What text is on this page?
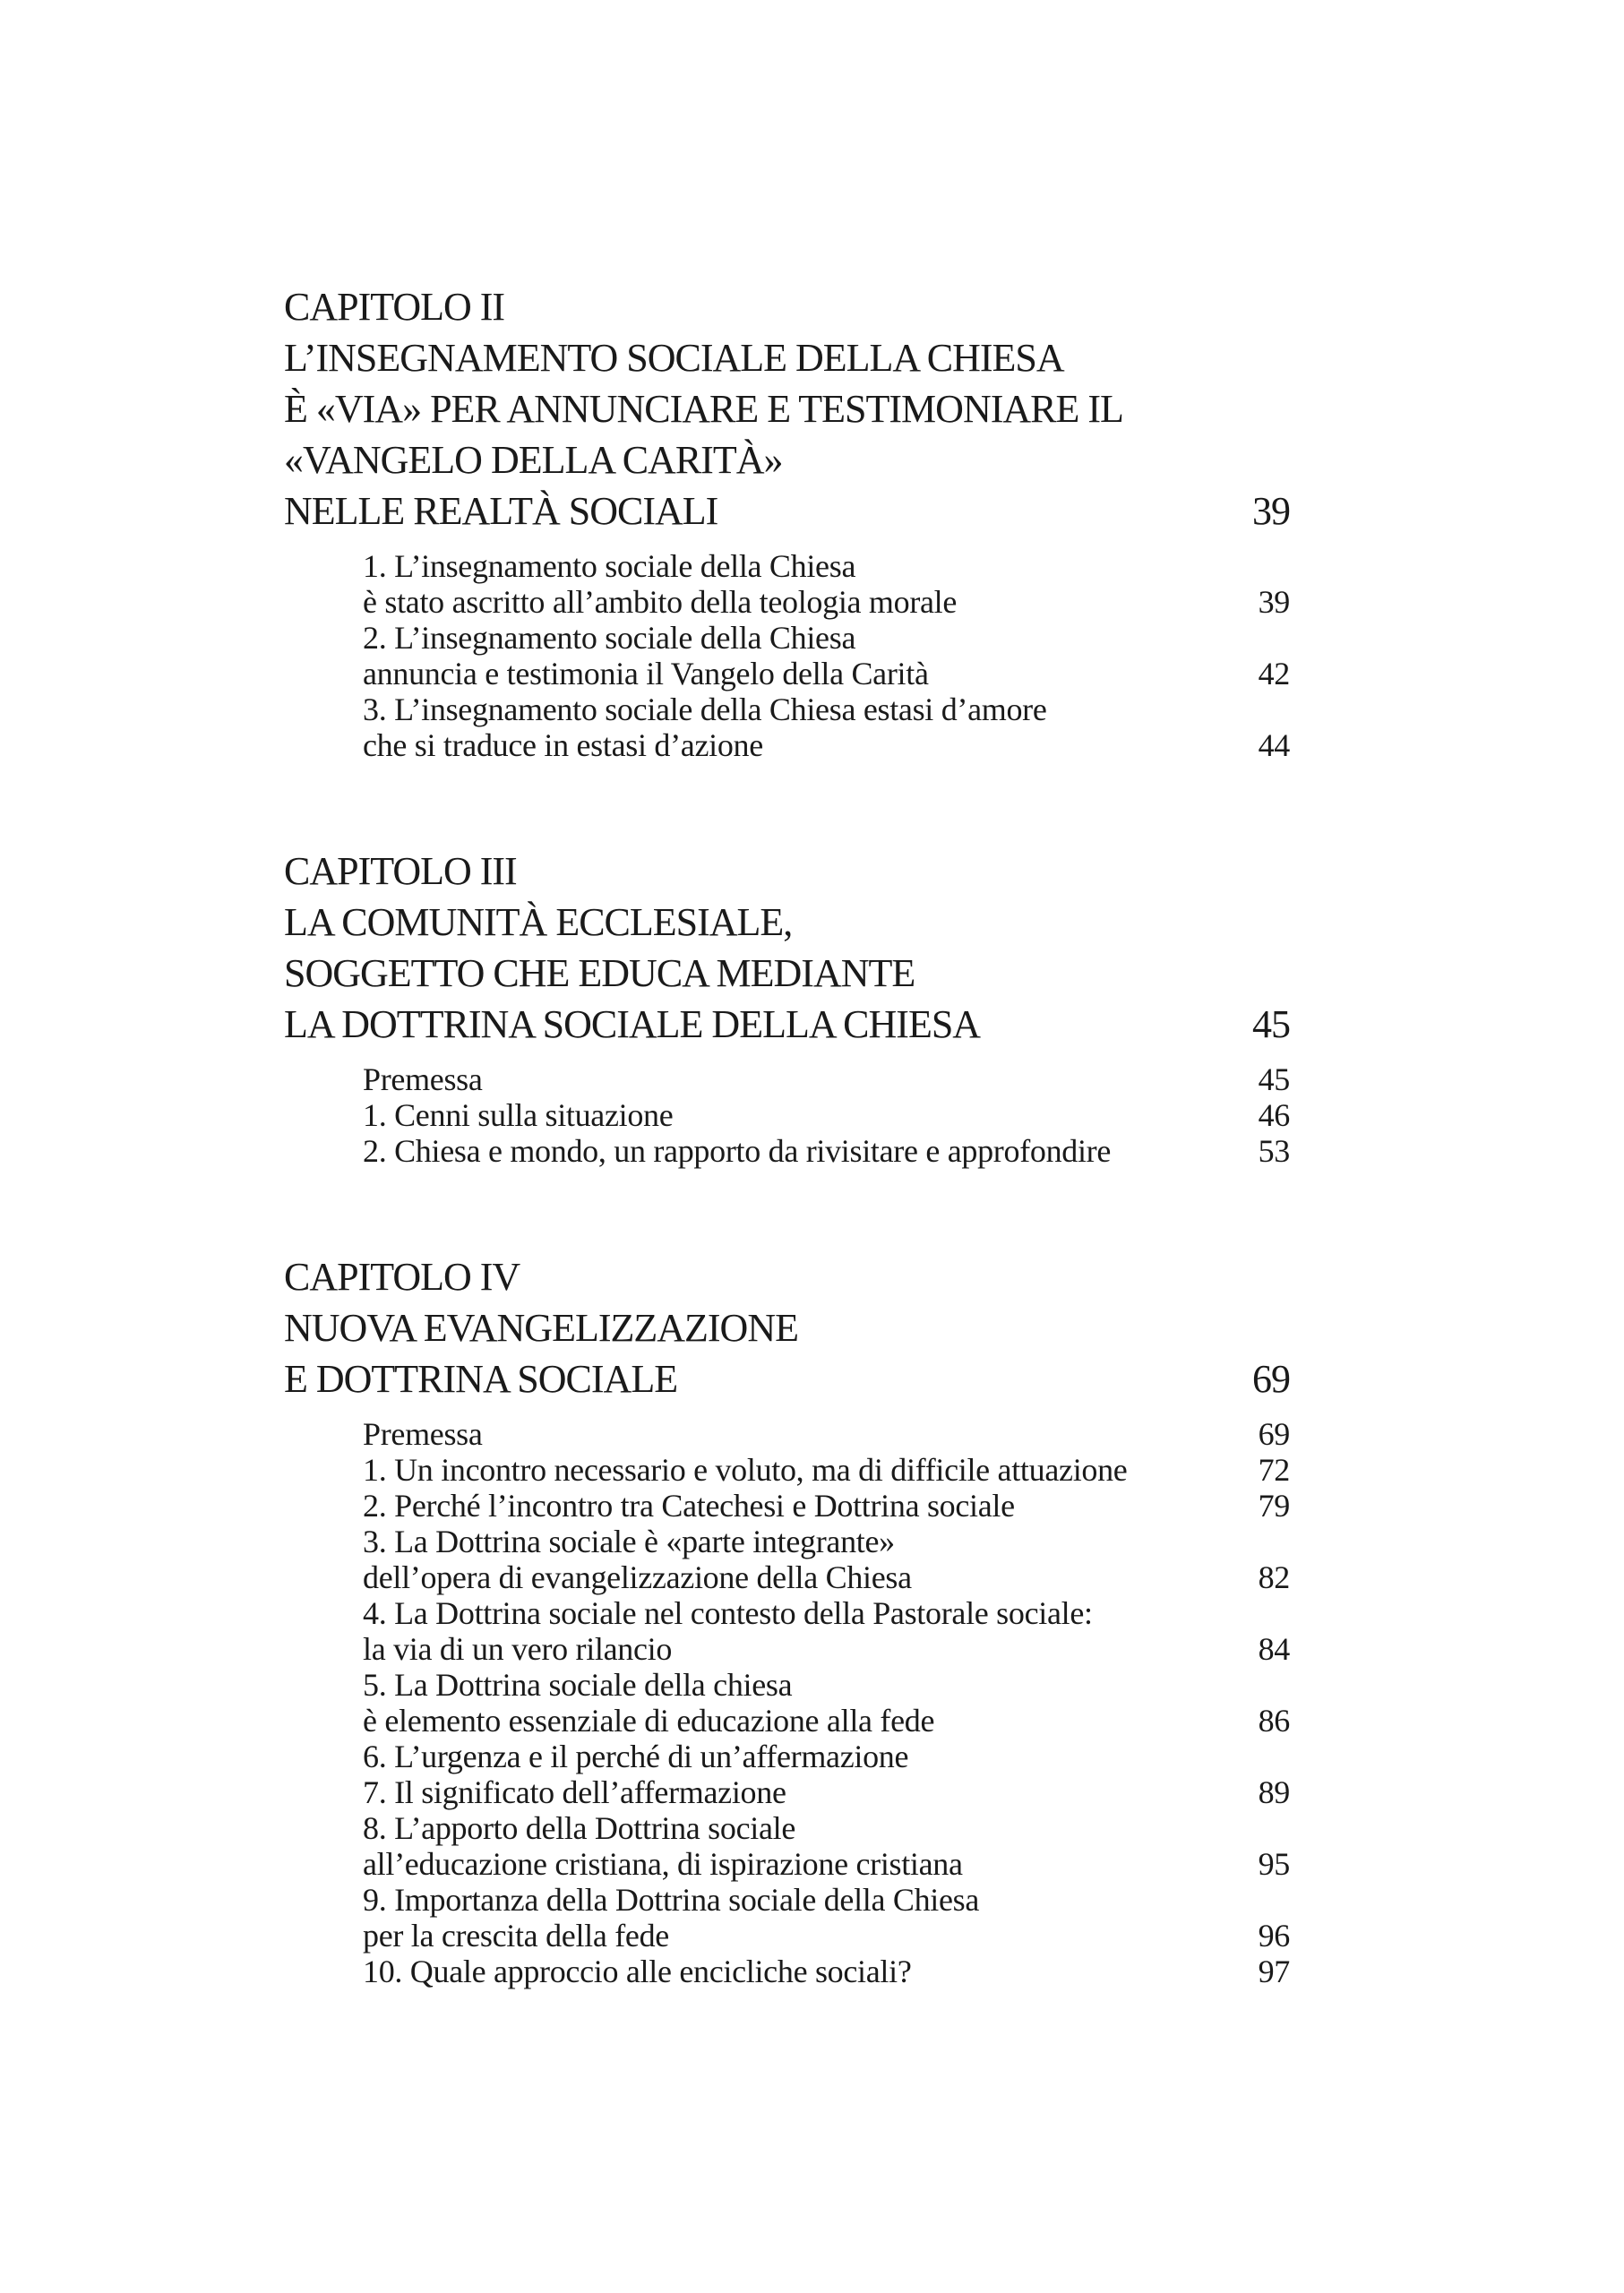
CAPITOLO II
L’INSEGNAMENTO SOCIALE DELLA CHIESA
È «VIA» PER ANNUNCIARE E TESTIMONIARE IL
«VANGELO DELLA CARITÀ»
NELLE REALTÀ SOCIALI	39
1. L’insegnamento sociale della Chiesa
è stato ascritto all’ambito della teologia morale	39
2. L’insegnamento sociale della Chiesa
annuncia e testimonia il Vangelo della Carità	42
3. L’insegnamento sociale della Chiesa estasi d’amore
che si traduce in estasi d’azione	44
CAPITOLO III
LA COMUNITÀ ECCLESIALE,
SOGGETTO CHE EDUCA MEDIANTE
LA DOTTRINA SOCIALE DELLA CHIESA	45
Premessa	45
1. Cenni sulla situazione	46
2. Chiesa e mondo, un rapporto da rivisitare e approfondire	53
CAPITOLO IV
NUOVA EVANGELIZZAZIONE
E DOTTRINA SOCIALE	69
Premessa	69
1. Un incontro necessario e voluto, ma di difficile attuazione	72
2. Perché l’incontro tra Catechesi e Dottrina sociale	79
3. La Dottrina sociale è «parte integrante»
dell’opera di evangelizzazione della Chiesa	82
4. La Dottrina sociale nel contesto della Pastorale sociale:
la via di un vero rilancio	84
5. La Dottrina sociale della chiesa
è elemento essenziale di educazione alla fede	86
6. L’urgenza e il perché di un’affermazione
7. Il significato dell’affermazione	89
8. L’apporto della Dottrina sociale
all’educazione cristiana, di ispirazione cristiana	95
9. Importanza della Dottrina sociale della Chiesa
per la crescita della fede	96
10. Quale approccio alle encicliche sociali?	97
